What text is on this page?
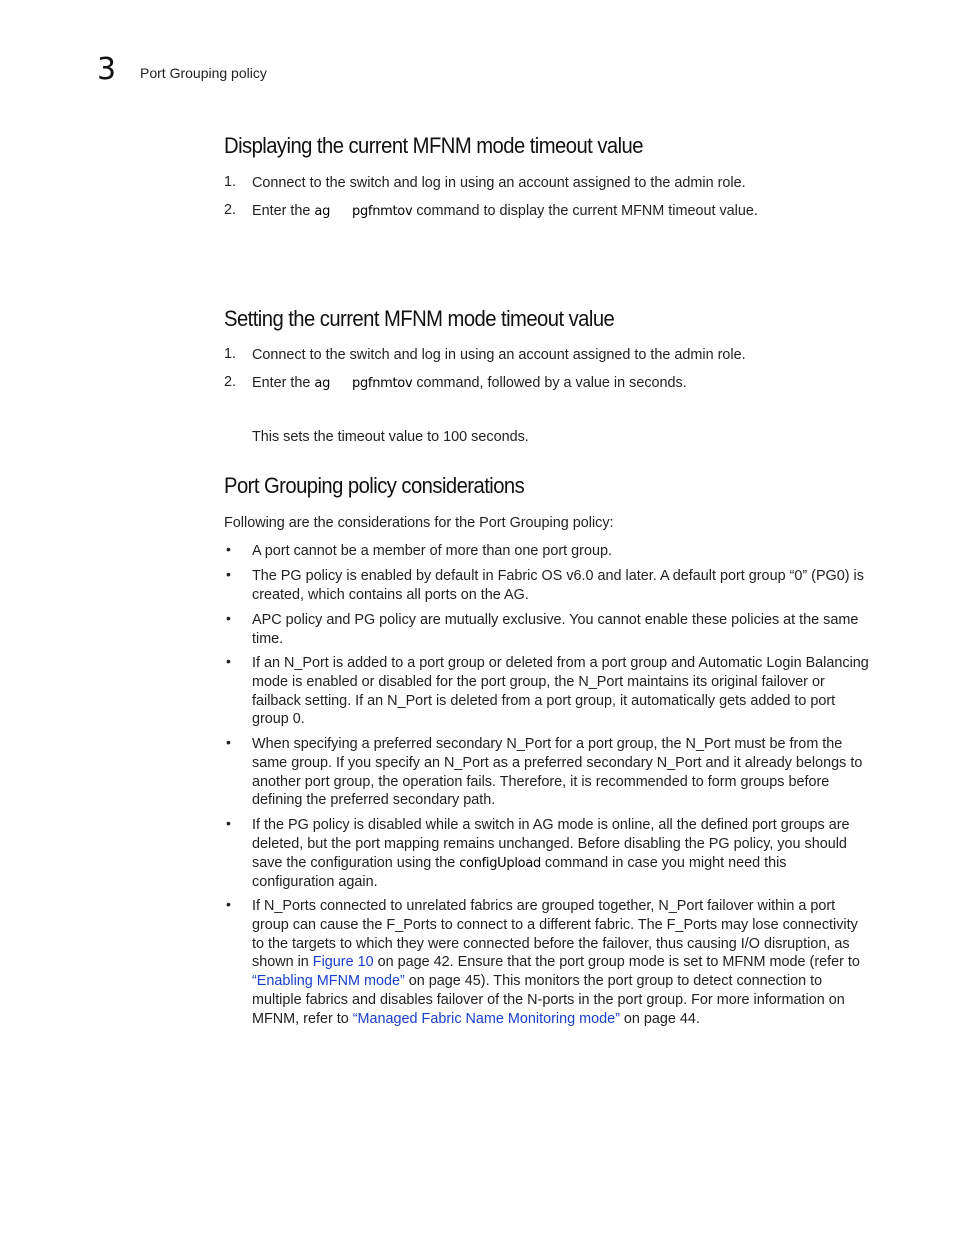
3 Port Grouping policy
Displaying the current MFNM mode timeout value
1. Connect to the switch and log in using an account assigned to the admin role.
2. Enter the ag pgfnmtov command to display the current MFNM timeout value.
Setting the current MFNM mode timeout value
1. Connect to the switch and log in using an account assigned to the admin role.
2. Enter the ag pgfnmtov command, followed by a value in seconds.
This sets the timeout value to 100 seconds.
Port Grouping policy considerations
Following are the considerations for the Port Grouping policy:
• A port cannot be a member of more than one port group.
• The PG policy is enabled by default in Fabric OS v6.0 and later. A default port group “0” (PG0) is created, which contains all ports on the AG.
• APC policy and PG policy are mutually exclusive. You cannot enable these policies at the same time.
• If an N_Port is added to a port group or deleted from a port group and Automatic Login Balancing mode is enabled or disabled for the port group, the N_Port maintains its original failover or failback setting. If an N_Port is deleted from a port group, it automatically gets added to port group 0.
• When specifying a preferred secondary N_Port for a port group, the N_Port must be from the same group. If you specify an N_Port as a preferred secondary N_Port and it already belongs to another port group, the operation fails. Therefore, it is recommended to form groups before defining the preferred secondary path.
• If the PG policy is disabled while a switch in AG mode is online, all the defined port groups are deleted, but the port mapping remains unchanged. Before disabling the PG policy, you should save the configuration using the configUpload command in case you might need this configuration again.
• If N_Ports connected to unrelated fabrics are grouped together, N_Port failover within a port group can cause the F_Ports to connect to a different fabric. The F_Ports may lose connectivity to the targets to which they were connected before the failover, thus causing I/O disruption, as shown in Figure 10 on page 42. Ensure that the port group mode is set to MFNM mode (refer to “Enabling MFNM mode” on page 45). This monitors the port group to detect connection to multiple fabrics and disables failover of the N-ports in the port group. For more information on MFNM, refer to “Managed Fabric Name Monitoring mode” on page 44.
